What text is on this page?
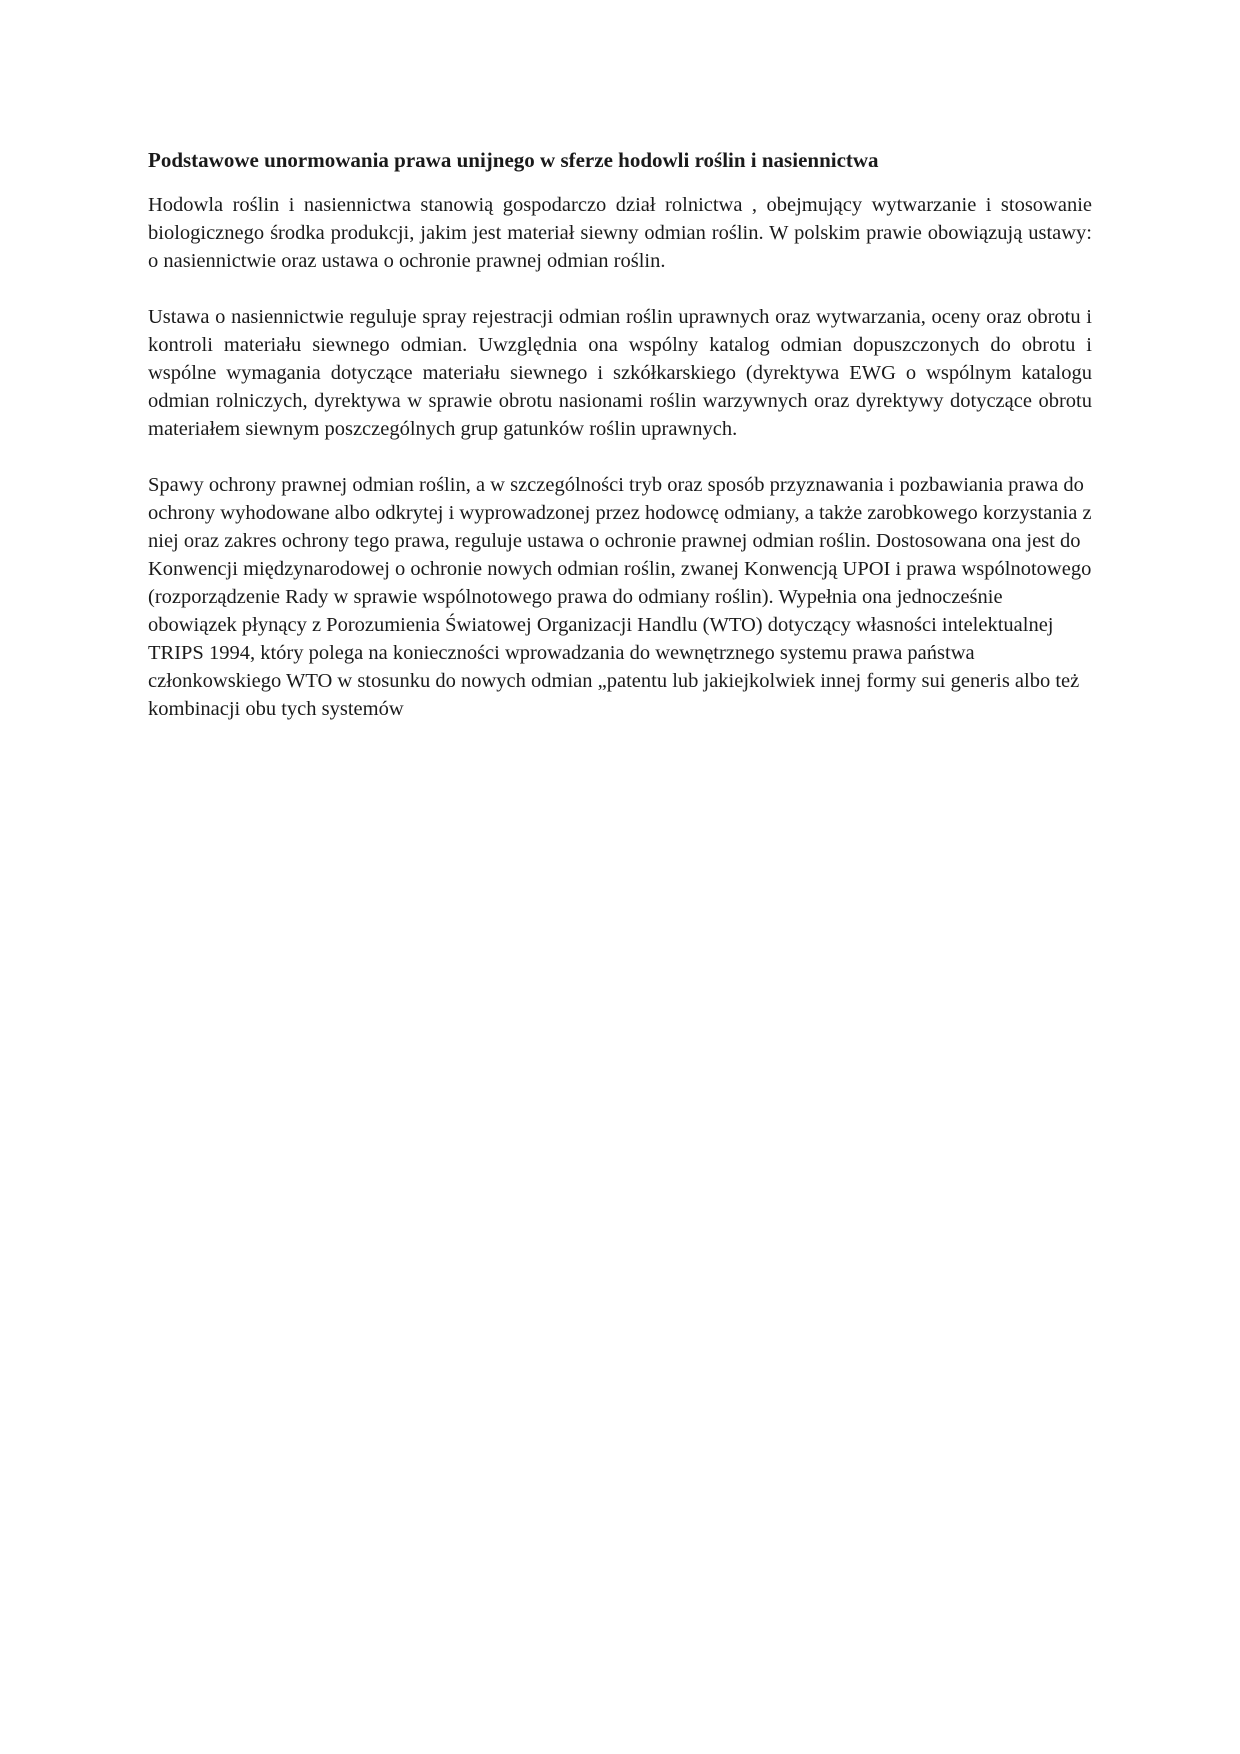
Podstawowe unormowania prawa unijnego w sferze hodowli roślin i nasiennictwa

Hodowla roślin i nasiennictwa stanowią gospodarczo dział rolnictwa , obejmujący wytwarzanie i stosowanie biologicznego środka produkcji, jakim jest materiał siewny odmian roślin. W polskim prawie obowiązują ustawy: o nasiennictwie oraz ustawa o ochronie prawnej odmian roślin.

Ustawa o nasiennictwie reguluje spray rejestracji odmian roślin uprawnych oraz wytwarzania, oceny oraz obrotu i kontroli materiału siewnego odmian. Uwzględnia ona wspólny katalog odmian dopuszczonych do obrotu i wspólne wymagania dotyczące materiału siewnego i szkółkarskiego (dyrektywa EWG o wspólnym katalogu odmian rolniczych, dyrektywa w sprawie obrotu nasionami roślin warzywnych oraz dyrektywy dotyczące obrotu materiałem siewnym poszczególnych grup gatunków roślin uprawnych.

Spawy ochrony prawnej odmian roślin, a w szczególności tryb oraz sposób przyznawania i pozbawiania prawa do ochrony wyhodowane albo odkrytej i wyprowadzonej przez hodowcę odmiany, a także zarobkowego korzystania z niej oraz zakres ochrony tego prawa, reguluje ustawa o ochronie prawnej odmian roślin. Dostosowana ona jest do Konwencji międzynarodowej o ochronie nowych odmian roślin, zwanej Konwencją UPOI i prawa wspólnotowego (rozporządzenie Rady w sprawie wspólnotowego prawa do odmiany roślin). Wypełnia ona jednocześnie obowiązek płynący z Porozumienia Światowej Organizacji Handlu (WTO) dotyczący własności intelektualnej TRIPS 1994, który polega na konieczności wprowadzania do wewnętrznego systemu prawa państwa członkowskiego WTO w stosunku do nowych odmian „patentu lub jakiejkolwiek innej formy sui generis albo też kombinacji obu tych systemów
